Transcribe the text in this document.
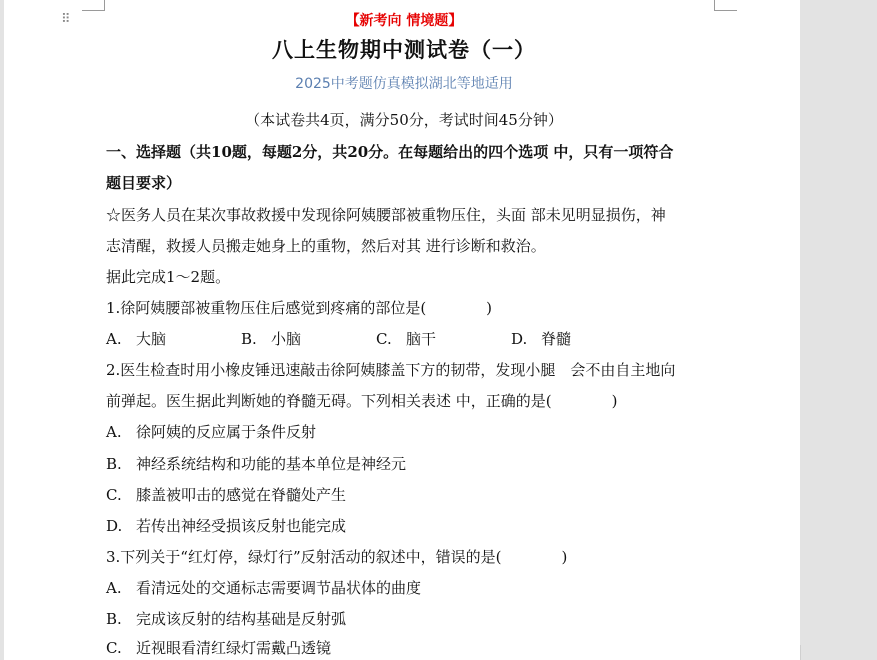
⠿	【新考向 情境题】
八上生物期中测试卷（一）
2025中考题仿真模拟湖北等地适用
（本试卷共4页，满分50分，考试时间45分钟）
一、选择题（共10题，每题2分，共20分。在每题给出的四个选项 中，只有一项符合
题目要求）
☆医务人员在某次事故救援中发现徐阿姨腰部被重物压住，头面 部未见明显损伤，神
志清醒，救援人员搬走她身上的重物，然后对其 进行诊断和救治。
据此完成1～2题。
1.徐阿姨腰部被重物压住后感觉到疼痛的部位是(　　　　)
A. 大脑	B. 小脑	C. 脑干	D. 脊髓
2.医生检查时用小橡皮锤迅速敲击徐阿姨膝盖下方的韧带，发现小腿　会不由自主地向
前弹起。医生据此判断她的脊髓无碍。下列相关表述 中，正确的是(　　　　)
A. 徐阿姨的反应属于条件反射
B. 神经系统结构和功能的基本单位是神经元
C. 膝盖被叩击的感觉在脊髓处产生
D. 若传出神经受损该反射也能完成
3.下列关于“红灯停，绿灯行”反射活动的叙述中，错误的是(　　　　)
A. 看清远处的交通标志需要调节晶状体的曲度
B. 完成该反射的结构基础是反射弧
C. 近视眼看清红绿灯需戴凸透镜
